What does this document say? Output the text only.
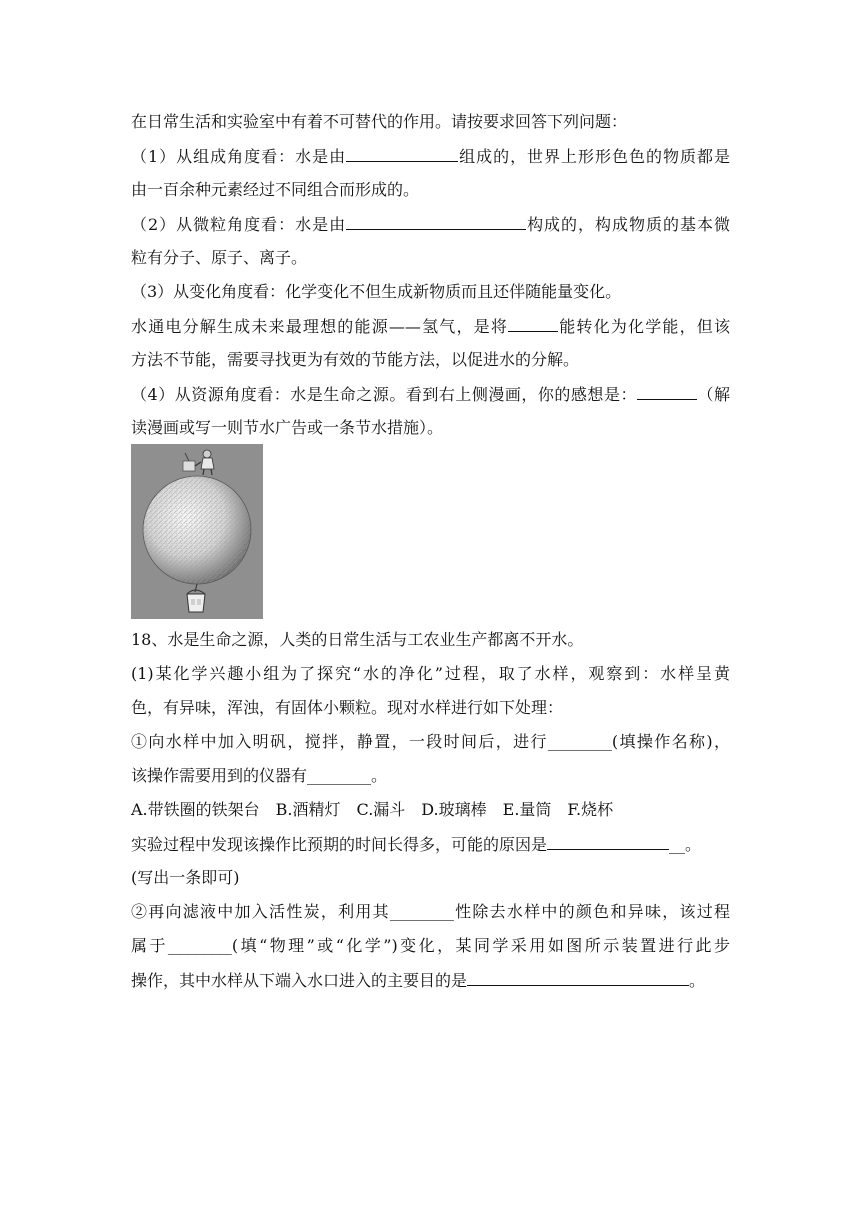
在日常生活和实验室中有着不可替代的作用。请按要求回答下列问题：
（1）从组成角度看：水是由	组成的，世界上形形色色的物质都是
由一百余种元素经过不同组合而形成的。
（2）从微粒角度看：水是由	构成的，构成物质的基本微
粒有分子、原子、离子。
（3）从变化角度看：化学变化不但生成新物质而且还伴随能量变化。
水通电分解生成未来最理想的能源——氢气，是将	能转化为化学能，但该
方法不节能，需要寻找更为有效的节能方法，以促进水的分解。
（4）从资源角度看：水是生命之源。看到右上侧漫画，你的感想是：	（解
读漫画或写一则节水广告或一条节水措施）。
18、水是生命之源，人类的日常生活与工农业生产都离不开水。
(1)某化学兴趣小组为了探究“水的净化”过程，取了水样，观察到：水样呈黄
色，有异味，浑浊，有固体小颗粒。现对水样进行如下处理：
①向水样中加入明矾，搅拌，静置，一段时间后，进行________(填操作名称)，
该操作需要用到的仪器有________。
A.带铁圈的铁架台 B.酒精灯 C.漏斗 D.玻璃棒 E.量筒 F.烧杯
实验过程中发现该操作比预期的时间长得多，可能的原因是	__。
(写出一条即可)
②再向滤液中加入活性炭，利用其________性除去水样中的颜色和异味，该过程
属于________(填“物理”或“化学”)变化，某同学采用如图所示装置进行此步
操作，其中水样从下端入水口进入的主要目的是	。
